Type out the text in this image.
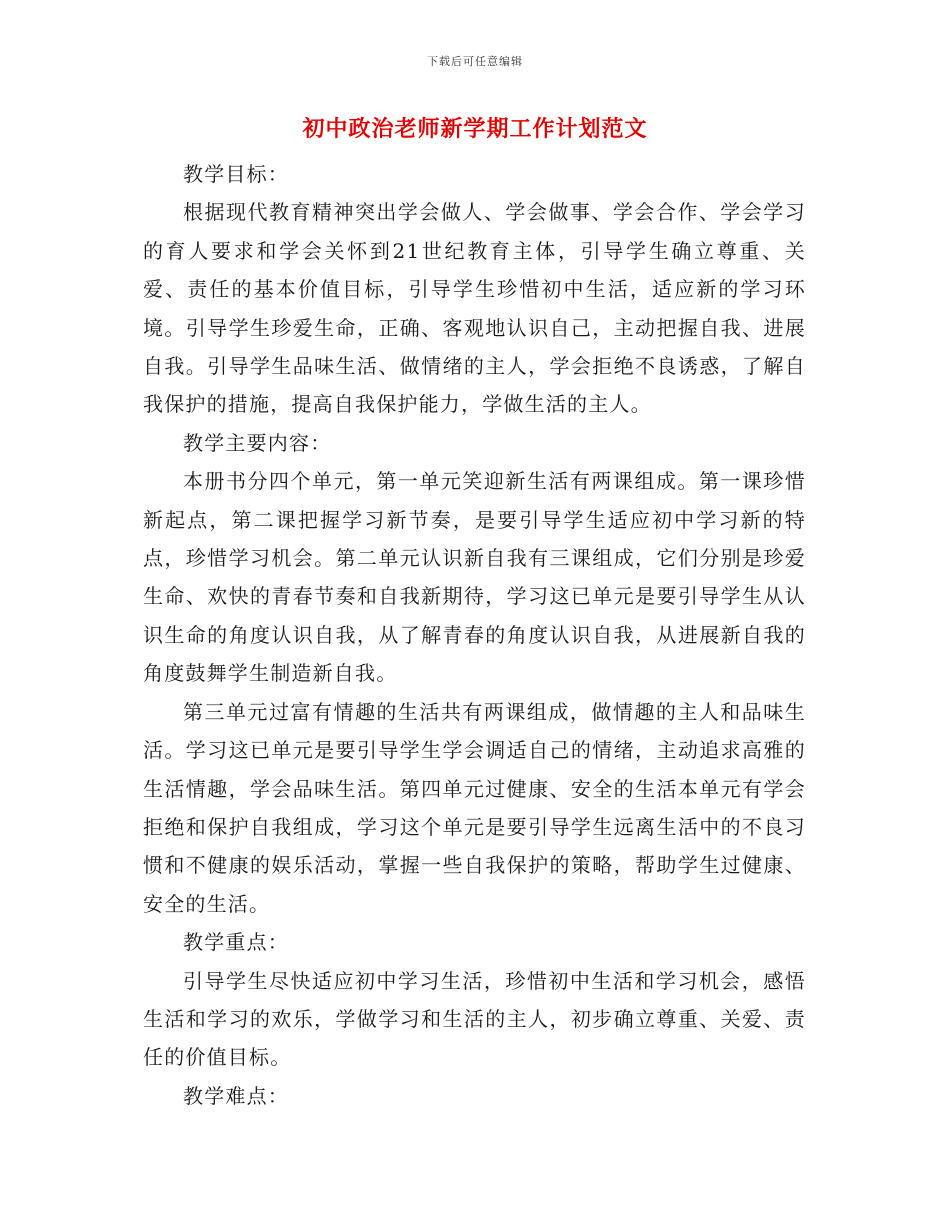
下载后可任意编辑
初中政治老师新学期工作计划范文

教学目标：

根据现代教育精神突出学会做人、学会做事、学会合作、学会学习的育人要求和学会关怀到21世纪教育主体，引导学生确立尊重、关爱、责任的基本价值目标，引导学生珍惜初中生活，适应新的学习环境。引导学生珍爱生命，正确、客观地认识自己，主动把握自我、进展自我。引导学生品味生活、做情绪的主人，学会拒绝不良诱惑，了解自我保护的措施，提高自我保护能力，学做生活的主人。

教学主要内容：

本册书分四个单元，第一单元笑迎新生活有两课组成。第一课珍惜新起点，第二课把握学习新节奏，是要引导学生适应初中学习新的特点，珍惜学习机会。第二单元认识新自我有三课组成，它们分别是珍爱生命、欢快的青春节奏和自我新期待，学习这已单元是要引导学生从认识生命的角度认识自我，从了解青春的角度认识自我，从进展新自我的角度鼓舞学生制造新自我。

第三单元过富有情趣的生活共有两课组成，做情趣的主人和品味生活。学习这已单元是要引导学生学会调适自己的情绪，主动追求高雅的生活情趣，学会品味生活。第四单元过健康、安全的生活本单元有学会拒绝和保护自我组成，学习这个单元是要引导学生远离生活中的不良习惯和不健康的娱乐活动，掌握一些自我保护的策略，帮助学生过健康、安全的生活。

教学重点：

引导学生尽快适应初中学习生活，珍惜初中生活和学习机会，感悟生活和学习的欢乐，学做学习和生活的主人，初步确立尊重、关爱、责任的价值目标。

教学难点：
